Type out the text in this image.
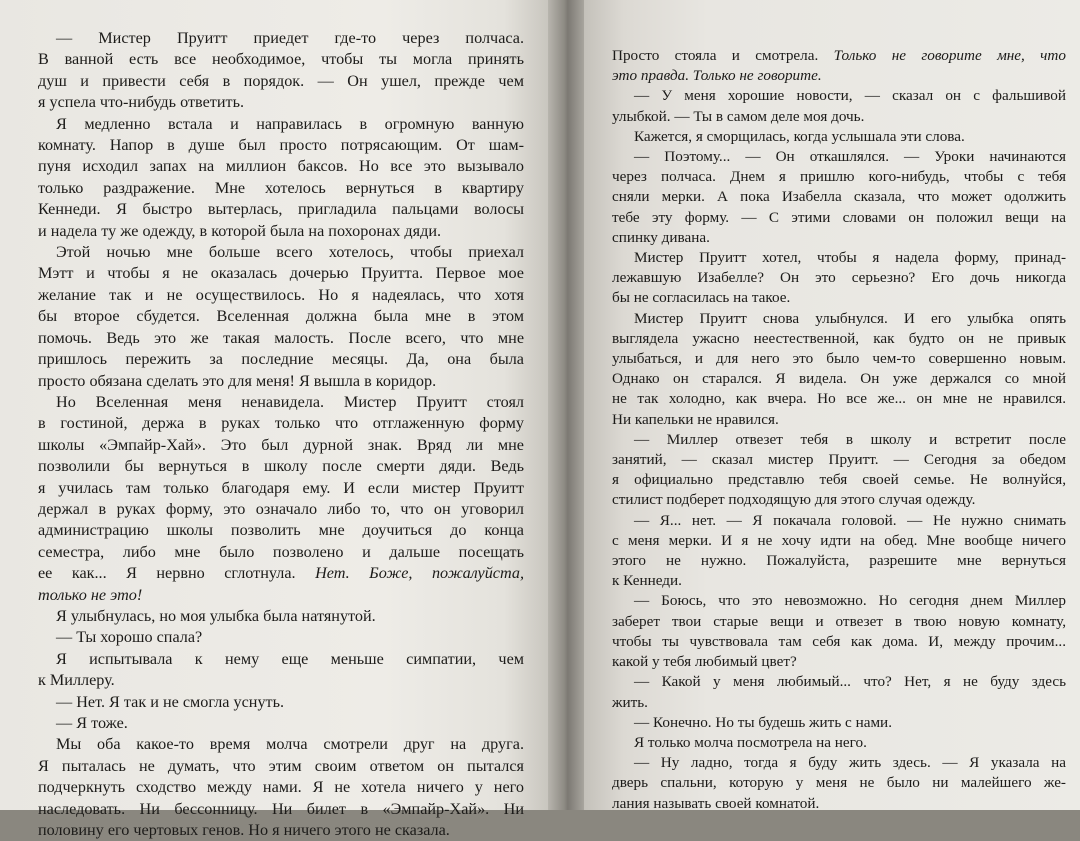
— Мистер Пруитт приедет где-то через полчаса.
В ванной есть все необходимое, чтобы ты могла принять
душ и привести себя в порядок. — Он ушел, прежде чем
я успела что-нибудь ответить.
Я медленно встала и направилась в огромную ванную
комнату. Напор в душе был просто потрясающим. От шам-
пуня исходил запах на миллион баксов. Но все это вызывало
только раздражение. Мне хотелось вернуться в квартиру
Кеннеди. Я быстро вытерлась, пригладила пальцами волосы
и надела ту же одежду, в которой была на похоронах дяди.
Этой ночью мне больше всего хотелось, чтобы приехал
Мэтт и чтобы я не оказалась дочерью Пруитта. Первое мое
желание так и не осуществилось. Но я надеялась, что хотя
бы второе сбудется. Вселенная должна была мне в этом
помочь. Ведь это же такая малость. После всего, что мне
пришлось пережить за последние месяцы. Да, она была
просто обязана сделать это для меня! Я вышла в коридор.
Но Вселенная меня ненавидела. Мистер Пруитт стоял
в гостиной, держа в руках только что отглаженную форму
школы «Эмпайр-Хай». Это был дурной знак. Вряд ли мне
позволили бы вернуться в школу после смерти дяди. Ведь
я училась там только благодаря ему. И если мистер Пруитт
держал в руках форму, это означало либо то, что он уговорил
администрацию школы позволить мне доучиться до конца
семестра, либо мне было позволено и дальше посещать
ее как... Я нервно сглотнула. Нет. Боже, пожалуйста,
только не это!
Я улыбнулась, но моя улыбка была натянутой.
— Ты хорошо спала?
Я испытывала к нему еще меньше симпатии, чем
к Миллеру.
— Нет. Я так и не смогла уснуть.
— Я тоже.
Мы оба какое-то время молча смотрели друг на друга.
Я пыталась не думать, что этим своим ответом он пытался
подчеркнуть сходство между нами. Я не хотела ничего у него
наследовать. Ни бессонницу. Ни билет в «Эмпайр-Хай». Ни
половину его чертовых генов. Но я ничего этого не сказала.
Просто стояла и смотрела. Только не говорите мне, что
это правда. Только не говорите.
— У меня хорошие новости, — сказал он с фальшивой
улыбкой. — Ты в самом деле моя дочь.
Кажется, я сморщилась, когда услышала эти слова.
— Поэтому... — Он откашлялся. — Уроки начинаются
через полчаса. Днем я пришлю кого-нибудь, чтобы с тебя
сняли мерки. А пока Изабелла сказала, что может одолжить
тебе эту форму. — С этими словами он положил вещи на
спинку дивана.
Мистер Пруитт хотел, чтобы я надела форму, принад-
лежавшую Изабелле? Он это серьезно? Его дочь никогда
бы не согласилась на такое.
Мистер Пруитт снова улыбнулся. И его улыбка опять
выглядела ужасно неестественной, как будто он не привык
улыбаться, и для него это было чем-то совершенно новым.
Однако он старался. Я видела. Он уже держался со мной
не так холодно, как вчера. Но все же... он мне не нравился.
Ни капельки не нравился.
— Миллер отвезет тебя в школу и встретит после
занятий, — сказал мистер Пруитт. — Сегодня за обедом
я официально представлю тебя своей семье. Не волнуйся,
стилист подберет подходящую для этого случая одежду.
— Я... нет. — Я покачала головой. — Не нужно снимать
с меня мерки. И я не хочу идти на обед. Мне вообще ничего
этого не нужно. Пожалуйста, разрешите мне вернуться
к Кеннеди.
— Боюсь, что это невозможно. Но сегодня днем Миллер
заберет твои старые вещи и отвезет в твою новую комнату,
чтобы ты чувствовала там себя как дома. И, между прочим...
какой у тебя любимый цвет?
— Какой у меня любимый... что? Нет, я не буду здесь
жить.
— Конечно. Но ты будешь жить с нами.
Я только молча посмотрела на него.
— Ну ладно, тогда я буду жить здесь. — Я указала на
дверь спальни, которую у меня не было ни малейшего же-
лания называть своей комнатой.
